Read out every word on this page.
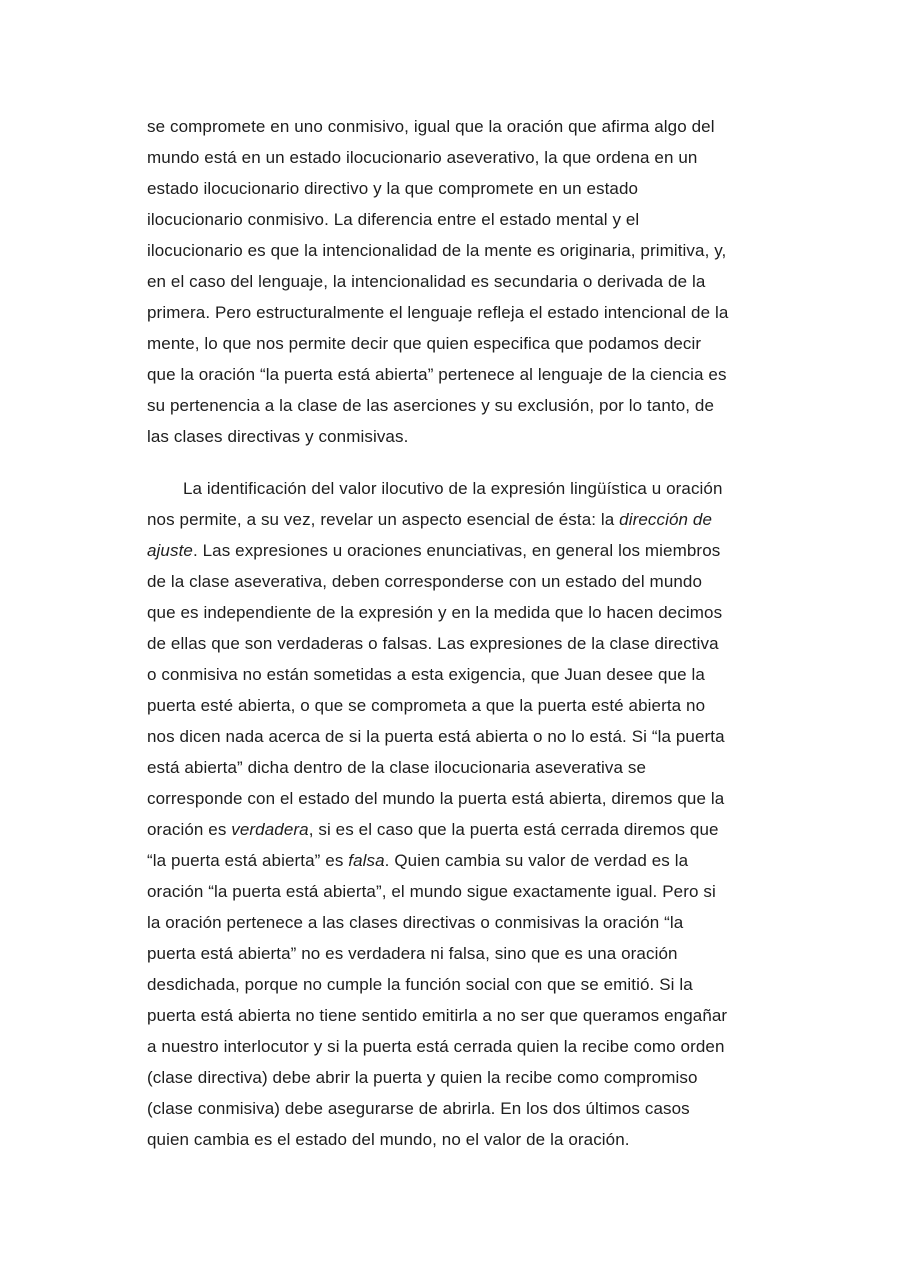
se compromete en uno conmisivo, igual que la oración que afirma algo del
mundo está en un estado ilocucionario aseverativo, la que ordena en un
estado ilocucionario directivo y la que compromete en un estado
ilocucionario conmisivo. La diferencia entre el estado mental y el
ilocucionario es que la intencionalidad de la mente es originaria, primitiva, y,
en el caso del lenguaje, la intencionalidad es secundaria o derivada de la
primera. Pero estructuralmente el lenguaje refleja el estado intencional de la
mente, lo que nos permite decir que quien especifica que podamos decir
que la oración “la puerta está abierta” pertenece al lenguaje de la ciencia es
su pertenencia a la clase de las aserciones y su exclusión, por lo tanto, de
las clases directivas y conmisivas.
La identificación del valor ilocutivo de la expresión lingüística u oración
nos permite, a su vez, revelar un aspecto esencial de ésta: la dirección de
ajuste. Las expresiones u oraciones enunciativas, en general los miembros
de la clase aseverativa, deben corresponderse con un estado del mundo
que es independiente de la expresión y en la medida que lo hacen decimos
de ellas que son verdaderas o falsas. Las expresiones de la clase directiva
o conmisiva no están sometidas a esta exigencia, que Juan desee que la
puerta esté abierta, o que se comprometa a que la puerta esté abierta no
nos dicen nada acerca de si la puerta está abierta o no lo está. Si “la puerta
está abierta” dicha dentro de la clase ilocucionaria aseverativa se
corresponde con el estado del mundo la puerta está abierta, diremos que la
oración es verdadera, si es el caso que la puerta está cerrada diremos que
“la puerta está abierta” es falsa. Quien cambia su valor de verdad es la
oración “la puerta está abierta”, el mundo sigue exactamente igual. Pero si
la oración pertenece a las clases directivas o conmisivas la oración “la
puerta está abierta” no es verdadera ni falsa, sino que es una oración
desdichada, porque no cumple la función social con que se emitió. Si la
puerta está abierta no tiene sentido emitirla a no ser que queramos engañar
a nuestro interlocutor y si la puerta está cerrada quien la recibe como orden
(clase directiva) debe abrir la puerta y quien la recibe como compromiso
(clase conmisiva) debe asegurarse de abrirla. En los dos últimos casos
quien cambia es el estado del mundo, no el valor de la oración.
